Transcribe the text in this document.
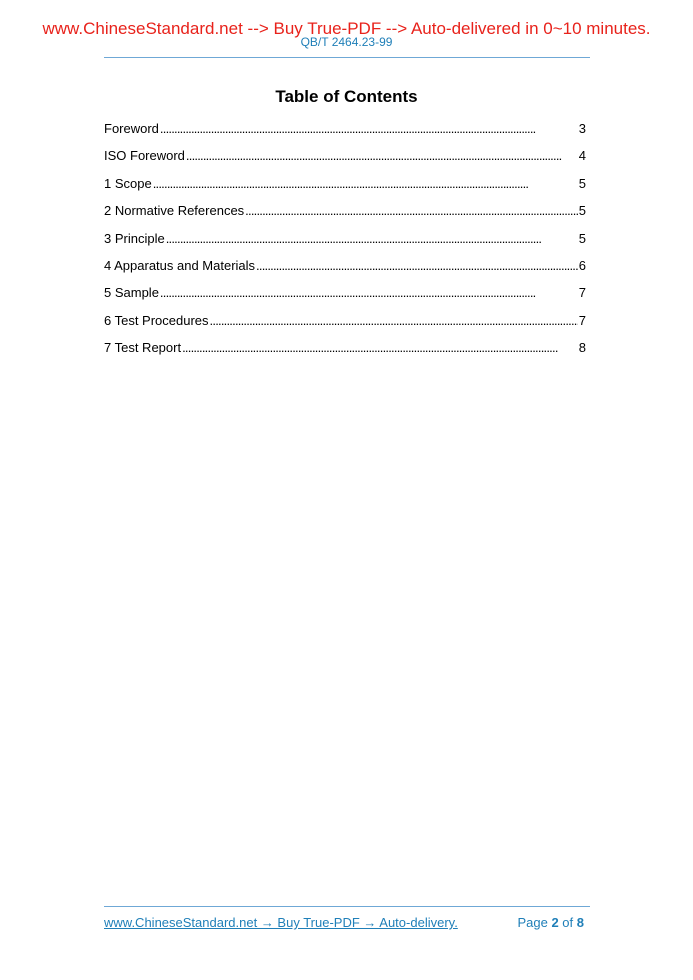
www.ChineseStandard.net --> Buy True-PDF --> Auto-delivered in 0~10 minutes.
QB/T 2464.23-99
Table of Contents
Foreword . . .	3
ISO Foreword . . .	4
1 Scope . . .	5
2 Normative References . . .	5
3 Principle . . .	5
4 Apparatus and Materials . . .	6
5 Sample . . .	7
6 Test Procedures . . .	7
7 Test Report . . .	8
www.ChineseStandard.net → Buy True-PDF → Auto-delivery.	Page 2 of 8
